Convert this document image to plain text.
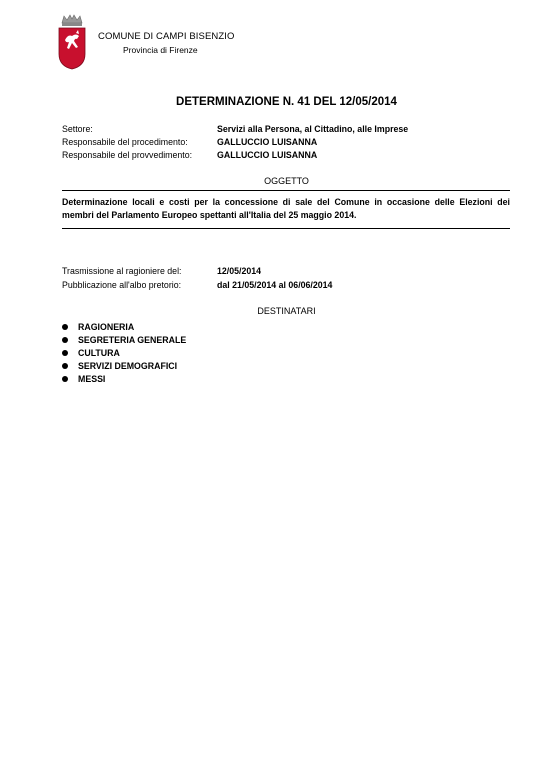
COMUNE DI CAMPI BISENZIO
Provincia di Firenze
DETERMINAZIONE N. 41 DEL 12/05/2014
Settore:	Servizi alla Persona, al Cittadino, alle Imprese
Responsabile del procedimento:	GALLUCCIO LUISANNA
Responsabile del provvedimento:	GALLUCCIO LUISANNA
OGGETTO
Determinazione locali e costi per la concessione di sale del Comune in occasione delle Elezioni dei membri del Parlamento Europeo spettanti all'Italia del 25 maggio 2014.
Trasmissione al ragioniere del:	12/05/2014
Pubblicazione all'albo pretorio:	dal 21/05/2014 al 06/06/2014
DESTINATARI
RAGIONERIA
SEGRETERIA GENERALE
CULTURA
SERVIZI DEMOGRAFICI
MESSI
